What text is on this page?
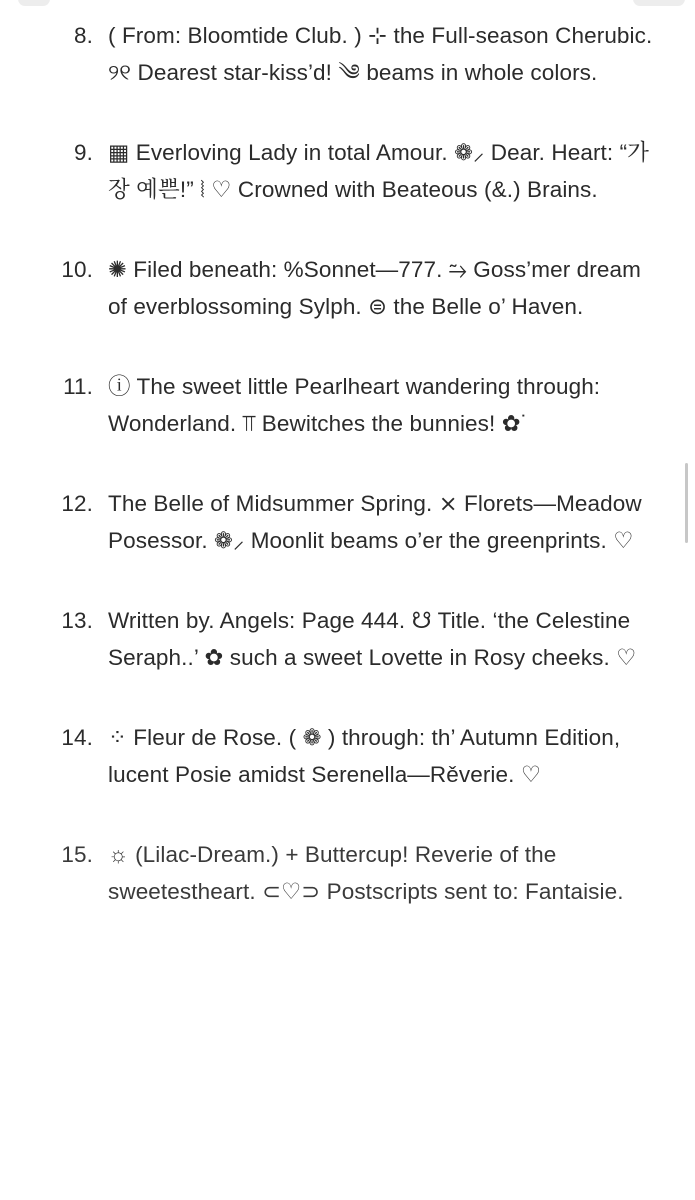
8. ( From: Bloomtide Club. ) ⊹ the Full-season Cherubic. ୨୧ Dearest star-kiss’d! ༄ beams in whole colors.
9. ▦ Everloving Lady in total Amour. ❁⸝ Dear. Heart: “가장 예쁜!” ⦚ ♡ Crowned with Beateous (&.) Brains.
10. ✺ Filed beneath: %Sonnet—777. ⥲ Goss’mer dream of everblossoming Sylph. ⊜ the Belle o’ Haven.
11. ⓘ The sweet little Pearlheart wandering through: Wonderland. ⫪ Bewitches the bunnies! ✿˙
12. The Belle of Midsummer Spring. ⨯ Florets—Meadow Posessor. ❁⸝ Moonlit beams o’er the greenprints. ♡
13. Written by. Angels: Page 444. ☋ Title. ‘the Celestine Seraph..’ ✿ such a sweet Lovette in Rosy cheeks. ♡
14. ⁘ Fleur de Rose. ( ❁ ) through: th’ Autumn Edition, lucent Posie amidst Serenella—Rěverie. ♡
15. ☼ (Lilac-Dream.) + Buttercup! Reverie of the sweetestheart. ⊂♡⊃ Postscripts sent to: Fantaisie.
